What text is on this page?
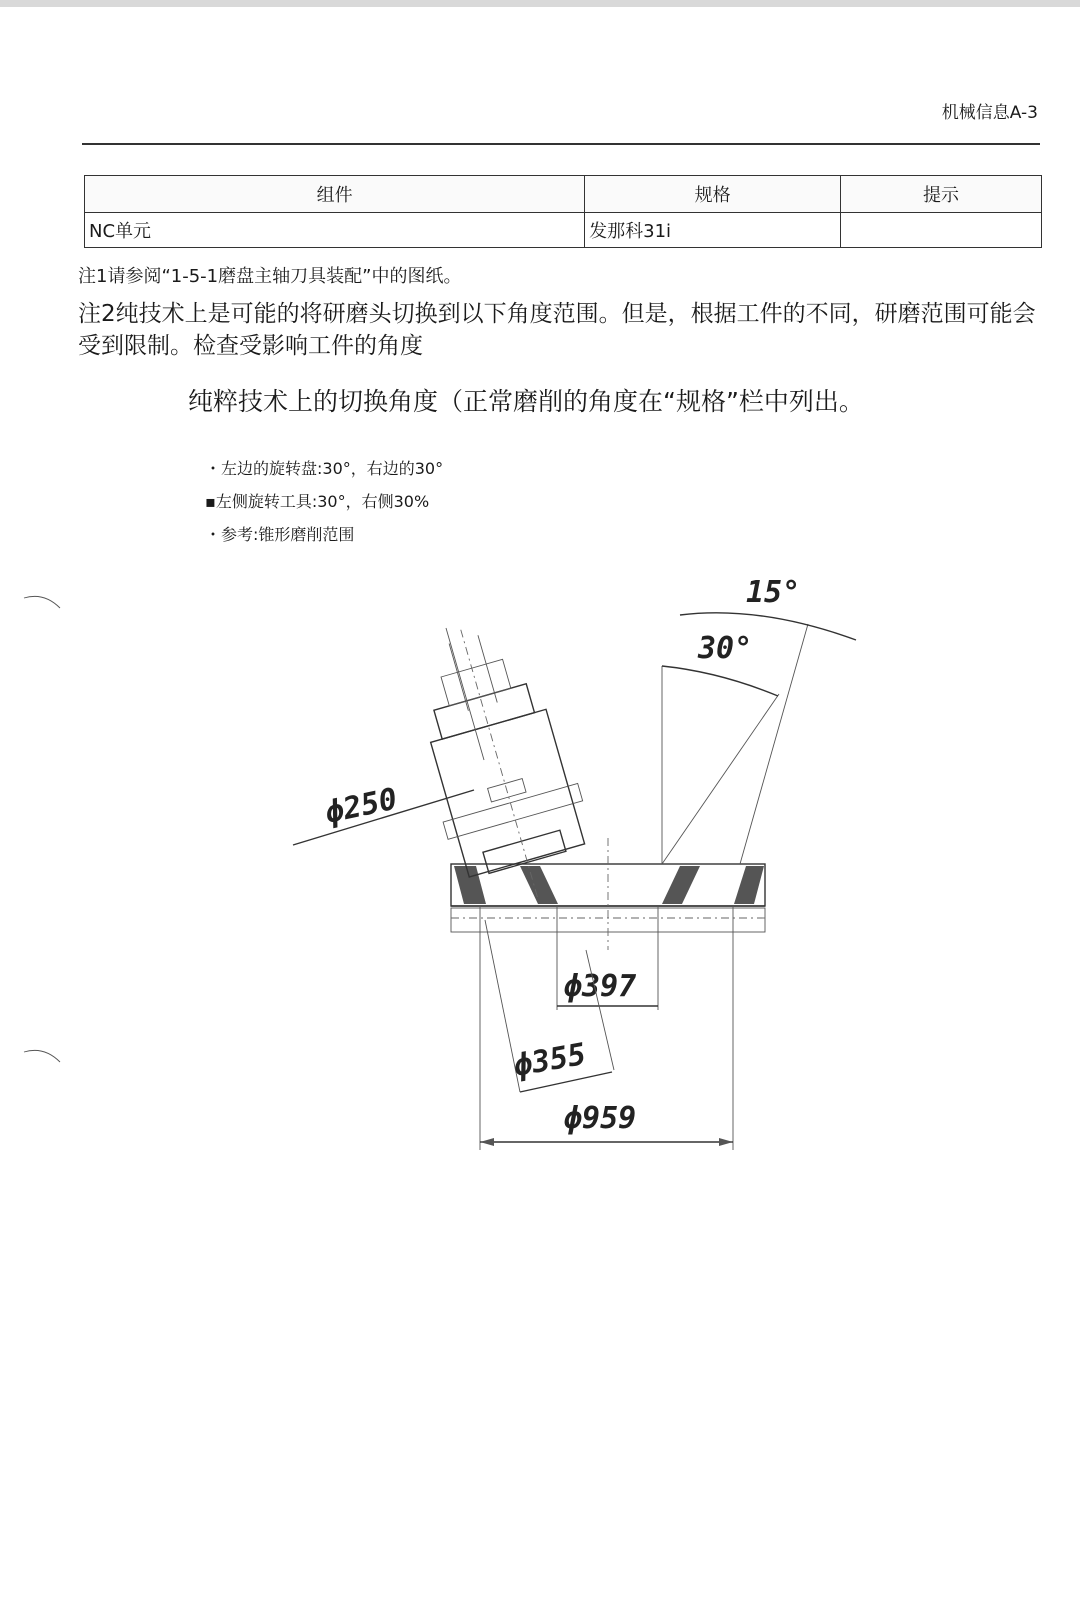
机械信息A-3
组件	规格	提示
NC单元	发那科31i	
注1请参阅“1-5-1磨盘主轴刀具装配”中的图纸。
注2纯技术上是可能的将研磨头切换到以下角度范围。但是，根据工件的不同，研磨范围可能会受到限制。检查受影响工件的角度
纯粹技术上的切换角度（正常磨削的角度在“规格”栏中列出。
・左边的旋转盘:30°，右边的30°
▪左侧旋转工具:30°，右侧30%
・参考:锥形磨削范围
ϕ250
15°
30°
ϕ397
ϕ355
ϕ959
